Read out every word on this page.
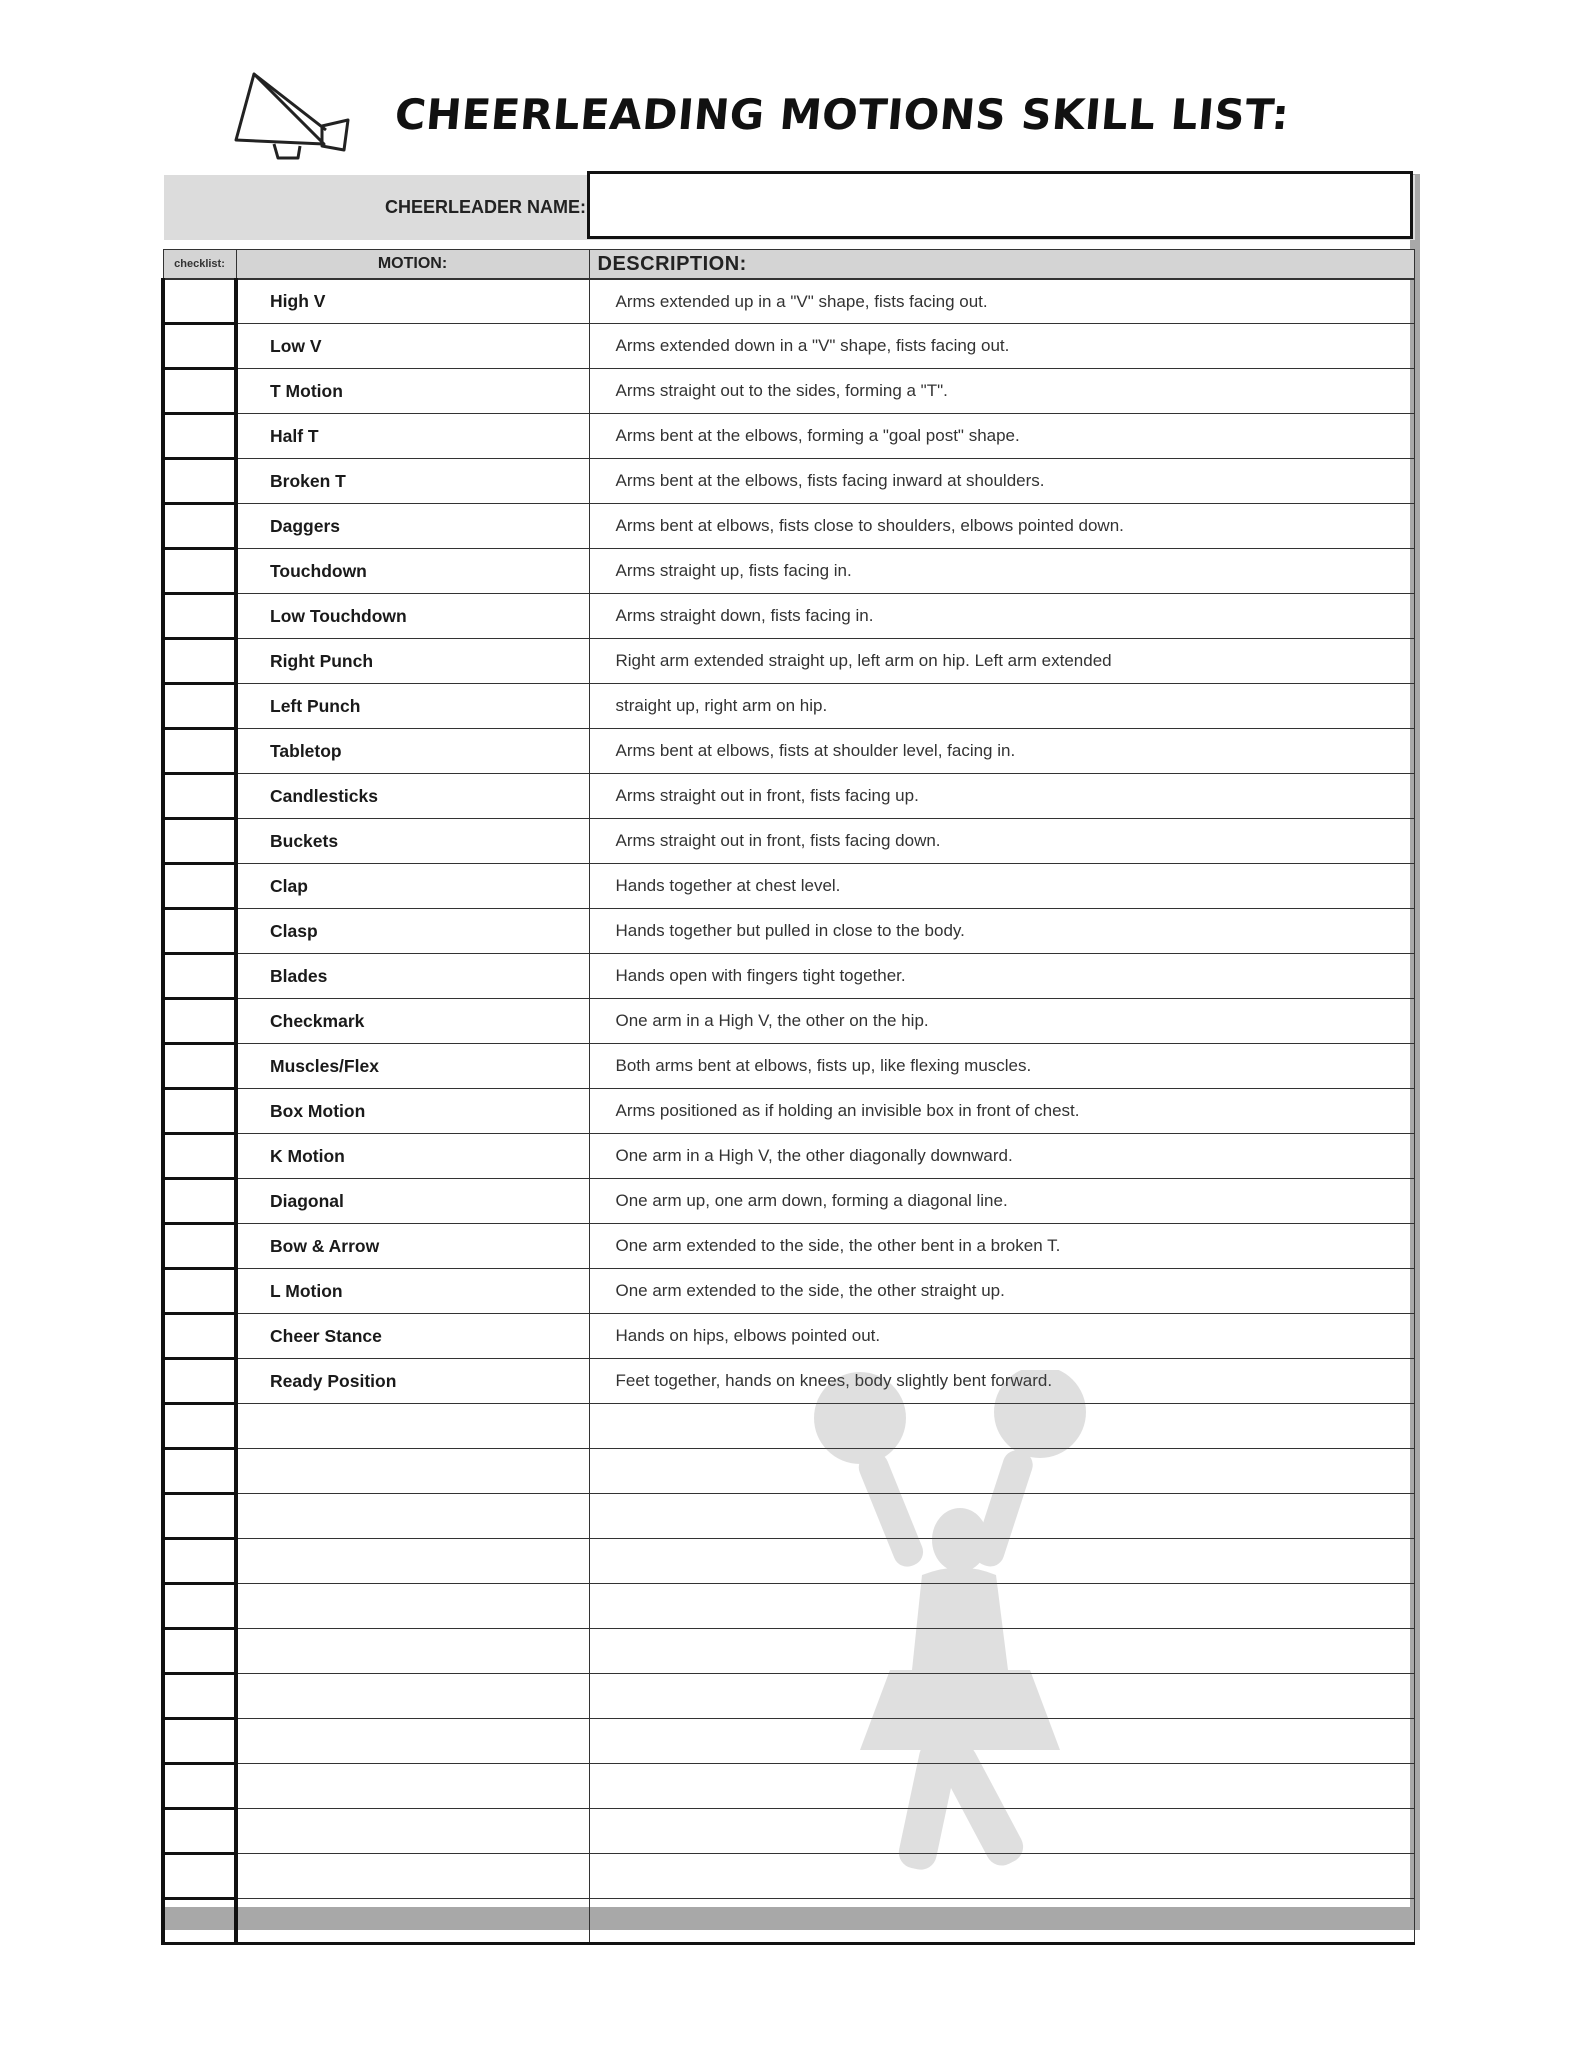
CHEERLEADING MOTIONS SKILL LIST:
CHEERLEADER NAME:
checklist:	MOTION:	DESCRIPTION:
	High V	Arms extended up in a "V" shape, fists facing out.
	Low V	Arms extended down in a "V" shape, fists facing out.
	T Motion	Arms straight out to the sides, forming a "T".
	Half T	Arms bent at the elbows, forming a "goal post" shape.
	Broken T	Arms bent at the elbows, fists facing inward at shoulders.
	Daggers	Arms bent at elbows, fists close to shoulders, elbows pointed down.
	Touchdown	Arms straight up, fists facing in.
	Low Touchdown	Arms straight down, fists facing in.
	Right Punch	Right arm extended straight up, left arm on hip. Left arm extended
	Left Punch	straight up, right arm on hip.
	Tabletop	Arms bent at elbows, fists at shoulder level, facing in.
	Candlesticks	Arms straight out in front, fists facing up.
	Buckets	Arms straight out in front, fists facing down.
	Clap	Hands together at chest level.
	Clasp	Hands together but pulled in close to the body.
	Blades	Hands open with fingers tight together.
	Checkmark	One arm in a High V, the other on the hip.
	Muscles/Flex	Both arms bent at elbows, fists up, like flexing muscles.
	Box Motion	Arms positioned as if holding an invisible box in front of chest.
	K Motion	One arm in a High V, the other diagonally downward.
	Diagonal	One arm up, one arm down, forming a diagonal line.
	Bow & Arrow	One arm extended to the side, the other bent in a broken T.
	L Motion	One arm extended to the side, the other straight up.
	Cheer Stance	Hands on hips, elbows pointed out.
	Ready Position	Feet together, hands on knees, body slightly bent forward.
